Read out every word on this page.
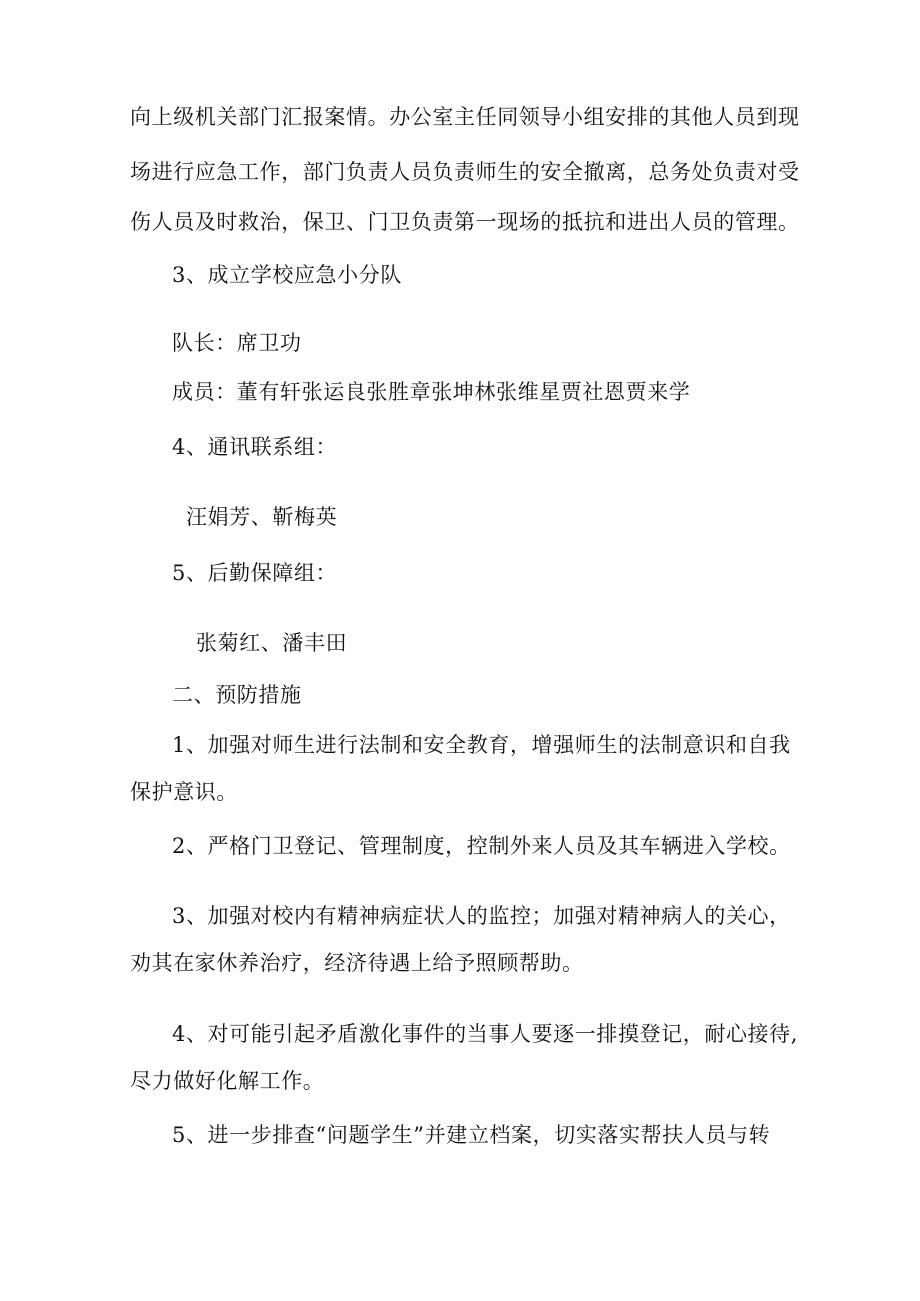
向上级机关部门汇报案情。办公室主任同领导小组安排的其他人员到现
场进行应急工作，部门负责人员负责师生的安全撤离，总务处负责对受
伤人员及时救治，保卫、门卫负责第一现场的抵抗和进出人员的管理。
3、成立学校应急小分队
队长：席卫功
成员：董有轩张运良张胜章张坤林张维星贾社恩贾来学
4、通讯联系组：
汪娟芳、靳梅英
5、后勤保障组：
张菊红、潘丰田
二、预防措施
1、加强对师生进行法制和安全教育，增强师生的法制意识和自我
保护意识。
2、严格门卫登记、管理制度，控制外来人员及其车辆进入学校。
3、加强对校内有精神病症状人的监控；加强对精神病人的关心，
劝其在家休养治疗，经济待遇上给予照顾帮助。
4、对可能引起矛盾激化事件的当事人要逐一排摸登记，耐心接待,
尽力做好化解工作。
5、进一步排查“问题学生”并建立档案，切实落实帮扶人员与转
